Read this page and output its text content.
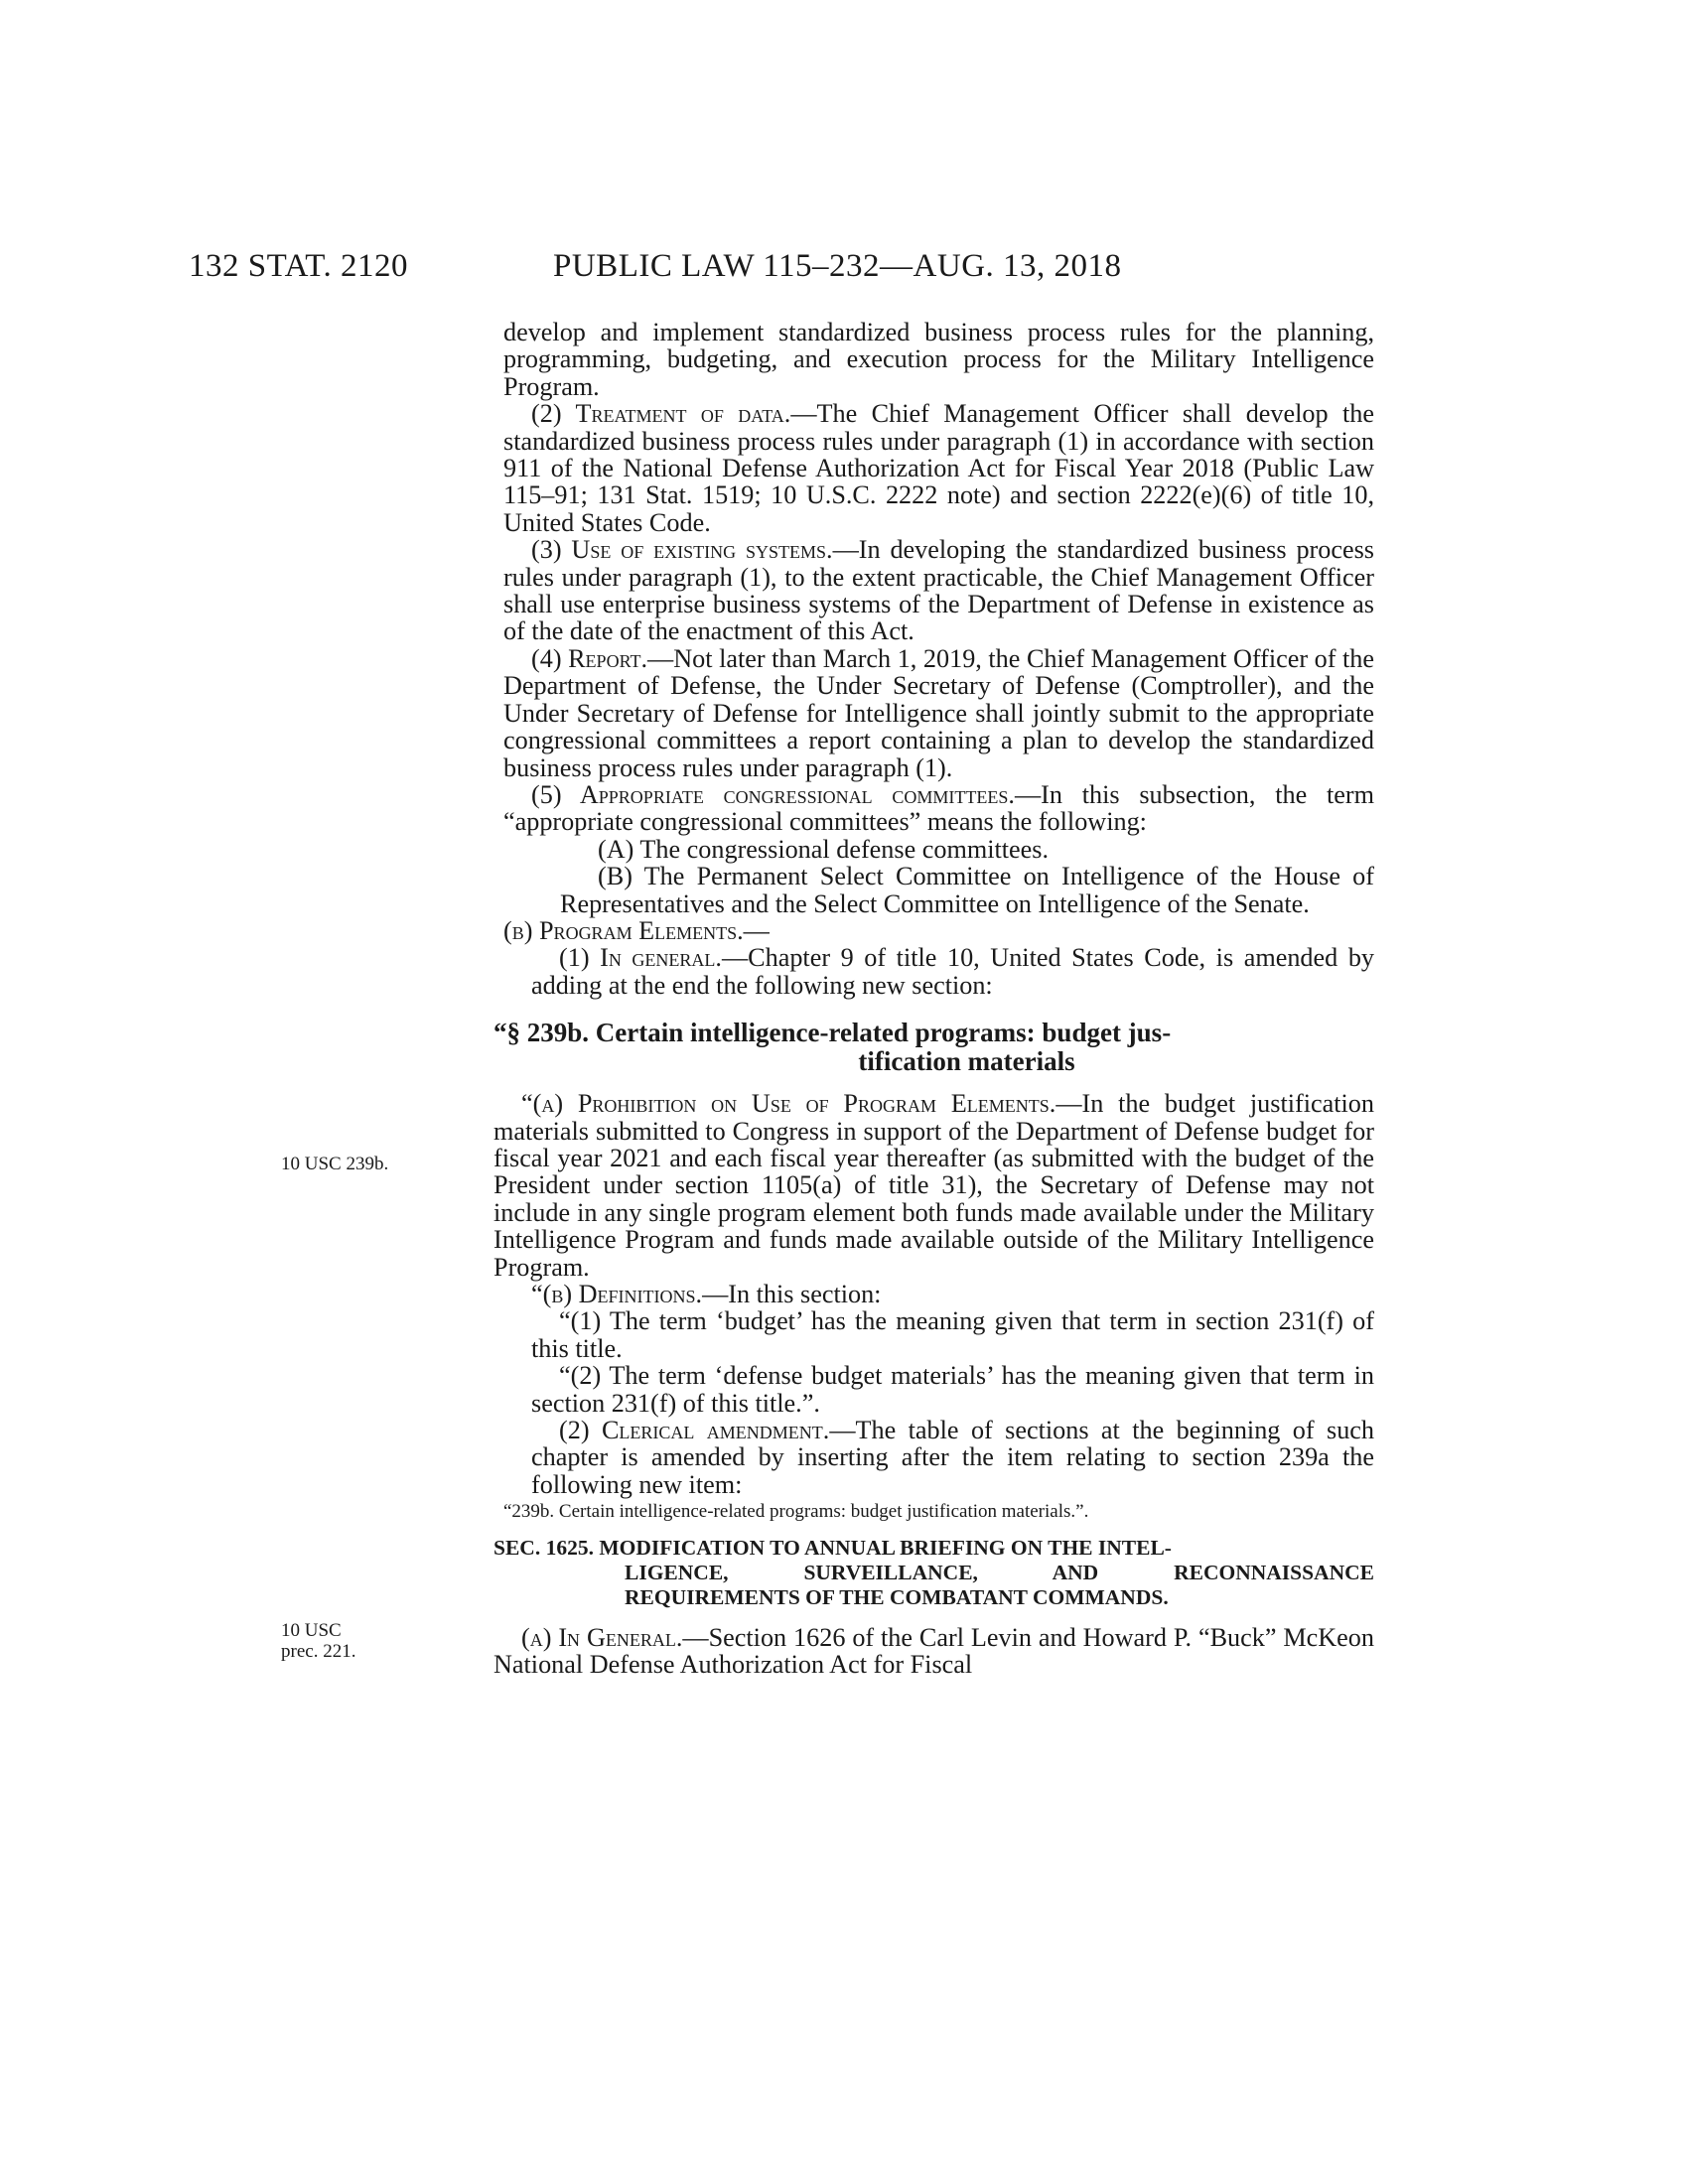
132 STAT. 2120	PUBLIC LAW 115–232—AUG. 13, 2018
10 USC 239b.
10 USC
prec. 221.

develop and implement standardized business process rules for the planning, programming, budgeting, and execution process for the Military Intelligence Program.

(2) Treatment of data.—The Chief Management Officer shall develop the standardized business process rules under paragraph (1) in accordance with section 911 of the National Defense Authorization Act for Fiscal Year 2018 (Public Law 115–91; 131 Stat. 1519; 10 U.S.C. 2222 note) and section 2222(e)(6) of title 10, United States Code.

(3) Use of existing systems.—In developing the standardized business process rules under paragraph (1), to the extent practicable, the Chief Management Officer shall use enterprise business systems of the Department of Defense in existence as of the date of the enactment of this Act.

(4) Report.—Not later than March 1, 2019, the Chief Management Officer of the Department of Defense, the Under Secretary of Defense (Comptroller), and the Under Secretary of Defense for Intelligence shall jointly submit to the appropriate congressional committees a report containing a plan to develop the standardized business process rules under paragraph (1).

(5) Appropriate congressional committees.—In this subsection, the term “appropriate congressional committees” means the following:

(A) The congressional defense committees.

(B) The Permanent Select Committee on Intelligence of the House of Representatives and the Select Committee on Intelligence of the Senate.

(b) Program Elements.—

(1) In general.—Chapter 9 of title 10, United States Code, is amended by adding at the end the following new section:

“§ 239b. Certain intelligence-related programs: budget jus-
tification materials

“(a) Prohibition on Use of Program Elements.—In the budget justification materials submitted to Congress in support of the Department of Defense budget for fiscal year 2021 and each fiscal year thereafter (as submitted with the budget of the President under section 1105(a) of title 31), the Secretary of Defense may not include in any single program element both funds made available under the Military Intelligence Program and funds made available outside of the Military Intelligence Program.

“(b) Definitions.—In this section:

“(1) The term ‘budget’ has the meaning given that term in section 231(f) of this title.

“(2) The term ‘defense budget materials’ has the meaning given that term in section 231(f) of this title.”.

(2) Clerical amendment.—The table of sections at the beginning of such chapter is amended by inserting after the item relating to section 239a the following new item:

“239b. Certain intelligence-related programs: budget justification materials.”.

SEC. 1625. MODIFICATION TO ANNUAL BRIEFING ON THE INTEL-
LIGENCE, SURVEILLANCE, AND RECONNAISSANCE
REQUIREMENTS OF THE COMBATANT COMMANDS.

(a) In General.—Section 1626 of the Carl Levin and Howard P. “Buck” McKeon National Defense Authorization Act for Fiscal
